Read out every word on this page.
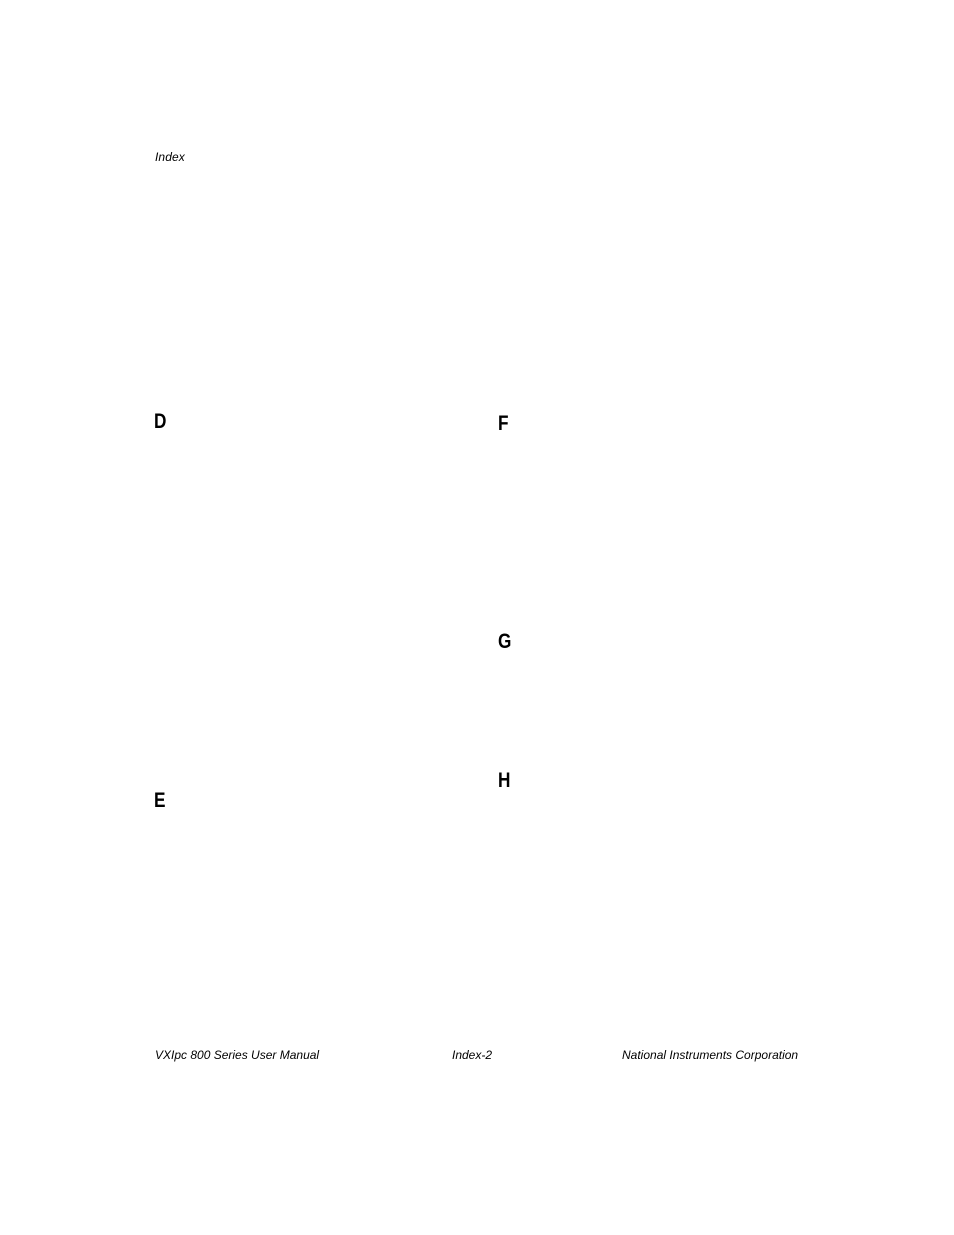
Index
D
E
F
G
H
VXIpc 800 Series User Manual	Index-2	National Instruments Corporation
